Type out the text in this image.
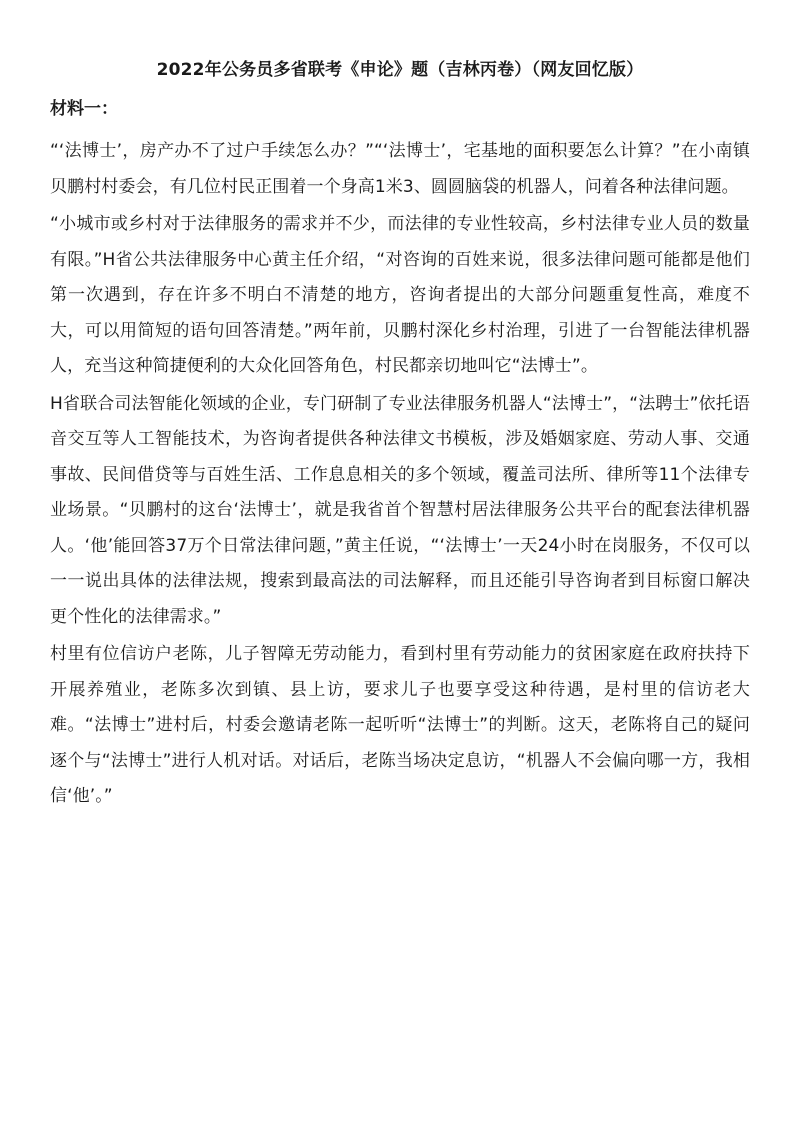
2022年公务员多省联考《申论》题（吉林丙卷）（网友回忆版）
材料一：

“‘法博士’，房产办不了过户手续怎么办？”“‘法博士’，宅基地的面积要怎么计算？”在小南镇贝鹏村村委会，有几位村民正围着一个身高1米3、圆圆脑袋的机器人，问着各种法律问题。

“小城市或乡村对于法律服务的需求并不少，而法律的专业性较高，乡村法律专业人员的数量有限。”H省公共法律服务中心黄主任介绍，“对咨询的百姓来说，很多法律问题可能都是他们第一次遇到，存在许多不明白不清楚的地方，咨询者提出的大部分问题重复性高，难度不大，可以用简短的语句回答清楚。”两年前，贝鹏村深化乡村治理，引进了一台智能法律机器人，充当这种简捷便利的大众化回答角色，村民都亲切地叫它“法博士”。

H省联合司法智能化领域的企业，专门研制了专业法律服务机器人“法博士”，“法聘士”依托语音交互等人工智能技术，为咨询者提供各种法律文书模板，涉及婚姻家庭、劳动人事、交通事故、民间借贷等与百姓生活、工作息息相关的多个领域，覆盖司法所、律所等11个法律专业场景。“贝鹏村的这台‘法博士’，就是我省首个智慧村居法律服务公共平台的配套法律机器人。‘他’能回答37万个日常法律问题，”黄主任说，“‘法博士’一天24小时在岗服务，不仅可以一一说出具体的法律法规，搜索到最高法的司法解释，而且还能引导咨询者到目标窗口解决更个性化的法律需求。”

村里有位信访户老陈，儿子智障无劳动能力，看到村里有劳动能力的贫困家庭在政府扶持下开展养殖业，老陈多次到镇、县上访，要求儿子也要享受这种待遇，是村里的信访老大难。“法博士”进村后，村委会邀请老陈一起听听“法博士”的判断。这天，老陈将自己的疑问逐个与“法博士”进行人机对话。对话后，老陈当场决定息访，“机器人不会偏向哪一方，我相信‘他’。”
